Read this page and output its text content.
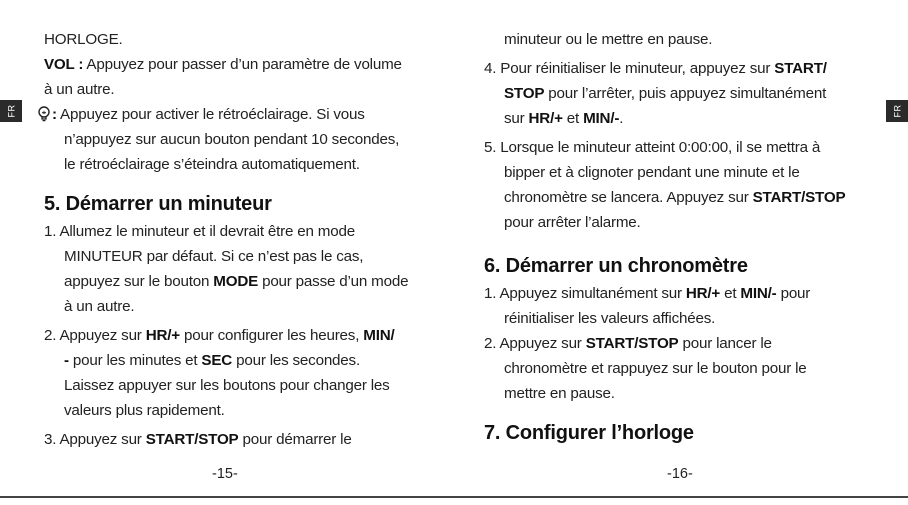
FR

HORLOGE.

VOL : Appuyez pour passer d’un paramètre de volume

à un autre.

: Appuyez pour activer le rétroéclairage. Si vous

n’appuyez sur aucun bouton pendant 10 secondes,

le rétroéclairage s’éteindra automatiquement.

5. Démarrer un minuteur

1. Allumez le minuteur et il devrait être en mode

MINUTEUR par défaut. Si ce n’est pas le cas,

appuyez sur le bouton MODE pour passe d’un mode

à un autre.

2. Appuyez sur HR/+ pour configurer les heures, MIN/

- pour les minutes et SEC pour les secondes.

Laissez appuyer sur les boutons pour changer les

valeurs plus rapidement.

3. Appuyez sur START/STOP pour démarrer le

-15-
FR

minuteur ou le mettre en pause.

4. Pour réinitialiser le minuteur, appuyez sur START/

STOP pour l’arrêter, puis appuyez simultanément

sur HR/+ et MIN/-.

5. Lorsque le minuteur atteint 0:00:00, il se mettra à

bipper et à clignoter pendant une minute et le

chronomètre se lancera. Appuyez sur START/STOP

pour arrêter l’alarme.

6. Démarrer un chronomètre

1. Appuyez simultanément sur HR/+ et MIN/- pour

réinitialiser les valeurs affichées.

2. Appuyez sur START/STOP pour lancer le

chronomètre et rappuyez sur le bouton pour le

mettre en pause.

7. Configurer l’horloge

-16-
